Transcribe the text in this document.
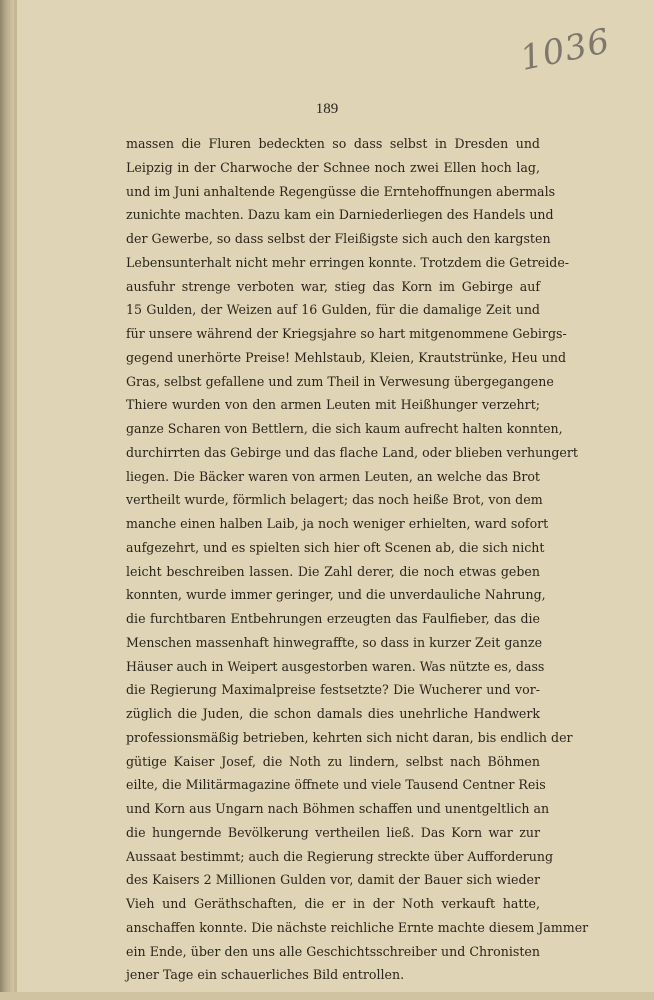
1036
189
massen die Fluren bedeckten so dass selbst in Dresden und
Leipzig in der Charwoche der Schnee noch zwei Ellen hoch lag,
und im Juni anhaltende Regengüsse die Erntehoffnungen abermals
zunichte machten. Dazu kam ein Darniederliegen des Handels und
der Gewerbe, so dass selbst der Fleißigste sich auch den kargsten
Lebensunterhalt nicht mehr erringen konnte. Trotzdem die Getreide-
ausfuhr strenge verboten war, stieg das Korn im Gebirge auf
15 Gulden, der Weizen auf 16 Gulden, für die damalige Zeit und
für unsere während der Kriegsjahre so hart mitgenommene Gebirgs-
gegend unerhörte Preise! Mehlstaub, Kleien, Krautstrünke, Heu und
Gras, selbst gefallene und zum Theil in Verwesung übergegangene
Thiere wurden von den armen Leuten mit Heißhunger verzehrt;
ganze Scharen von Bettlern, die sich kaum aufrecht halten konnten,
durchirrten das Gebirge und das flache Land, oder blieben verhungert
liegen. Die Bäcker waren von armen Leuten, an welche das Brot
vertheilt wurde, förmlich belagert; das noch heiße Brot, von dem
manche einen halben Laib, ja noch weniger erhielten, ward sofort
aufgezehrt, und es spielten sich hier oft Scenen ab, die sich nicht
leicht beschreiben lassen. Die Zahl derer, die noch etwas geben
konnten, wurde immer geringer, und die unverdauliche Nahrung,
die furchtbaren Entbehrungen erzeugten das Faulfieber, das die
Menschen massenhaft hinwegraffte, so dass in kurzer Zeit ganze
Häuser auch in Weipert ausgestorben waren. Was nützte es, dass
die Regierung Maximalpreise festsetzte? Die Wucherer und vor-
züglich die Juden, die schon damals dies unehrliche Handwerk
professionsmäßig betrieben, kehrten sich nicht daran, bis endlich der
gütige Kaiser Josef, die Noth zu lindern, selbst nach Böhmen
eilte, die Militärmagazine öffnete und viele Tausend Centner Reis
und Korn aus Ungarn nach Böhmen schaffen und unentgeltlich an
die hungernde Bevölkerung vertheilen ließ. Das Korn war zur
Aussaat bestimmt; auch die Regierung streckte über Aufforderung
des Kaisers 2 Millionen Gulden vor, damit der Bauer sich wieder
Vieh und Geräthschaften, die er in der Noth verkauft hatte,
anschaffen konnte. Die nächste reichliche Ernte machte diesem Jammer
ein Ende, über den uns alle Geschichtsschreiber und Chronisten
jener Tage ein schauerliches Bild entrollen.
